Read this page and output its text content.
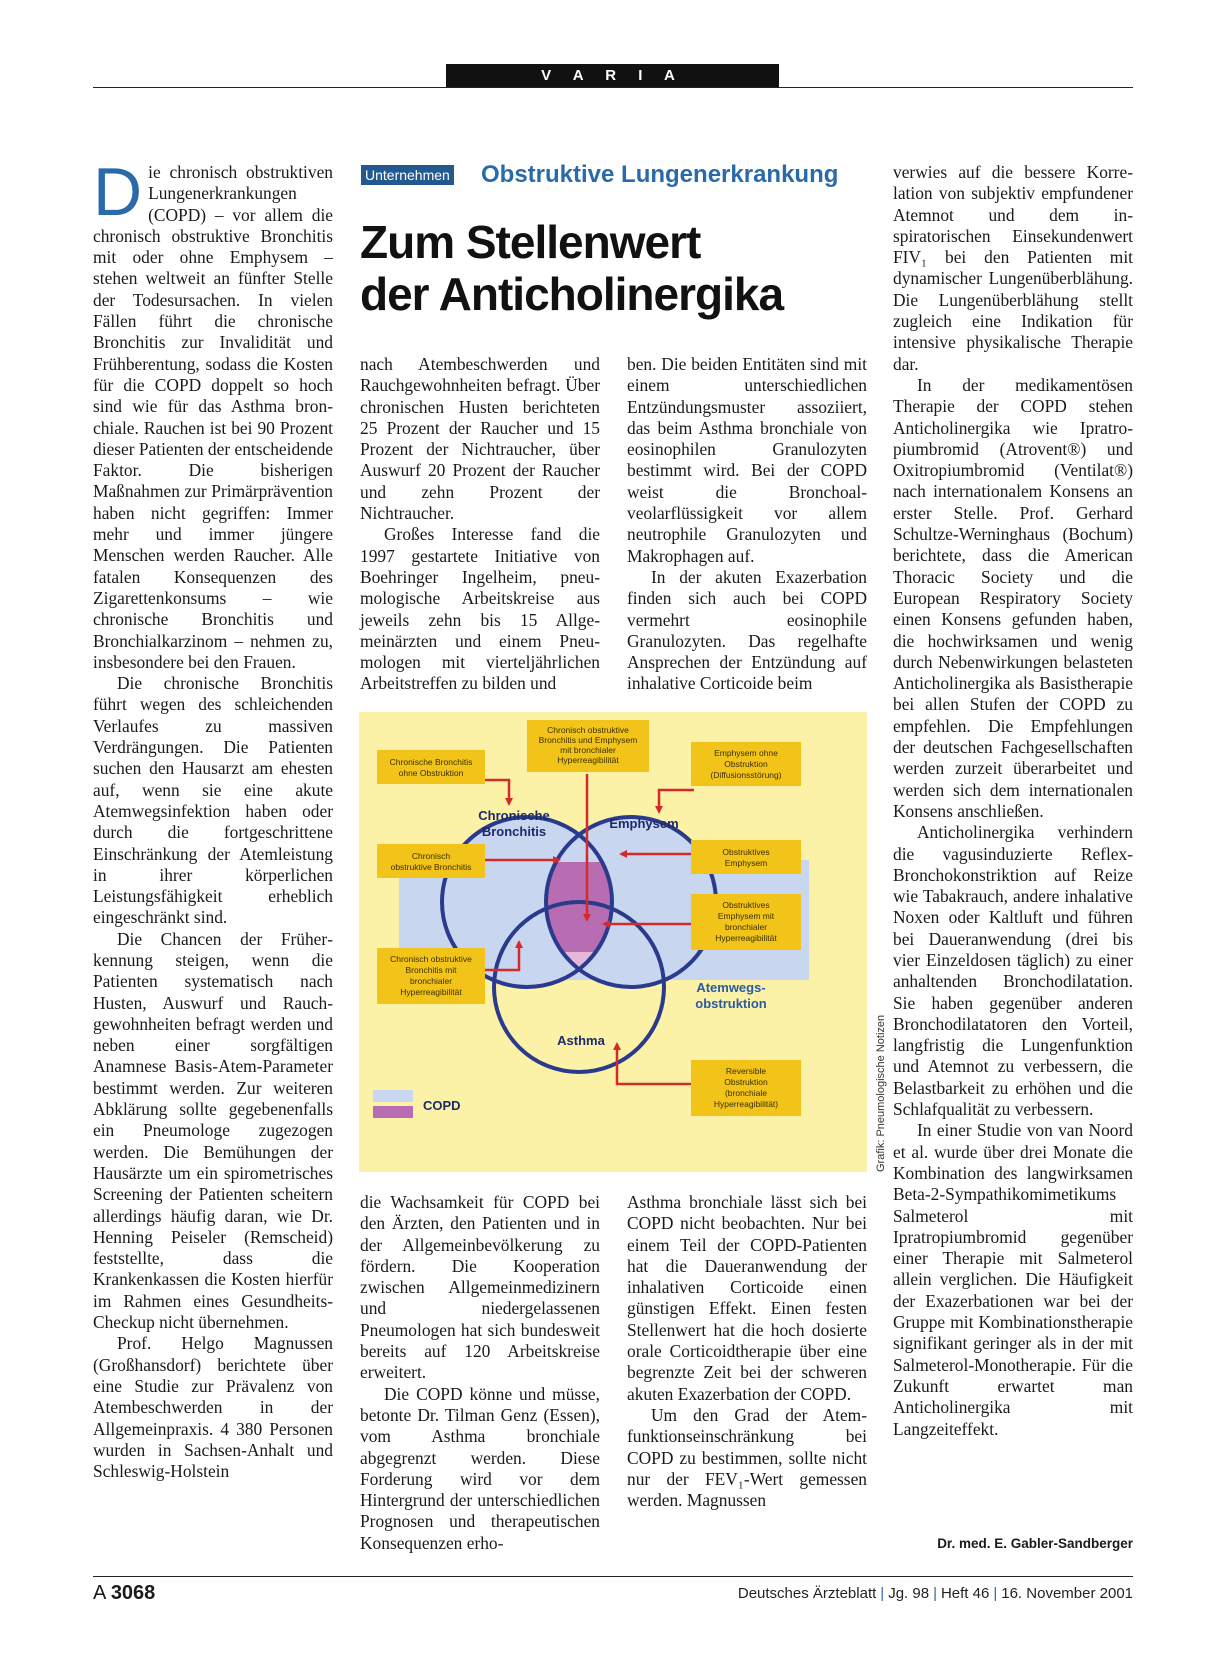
V A R I A

Die chronisch obstruktiven Lungenerkrankungen (COPD) – vor allem die chronisch obstruktive Bronchitis mit oder ohne Emphysem – stehen weltweit an fünfter Stelle der Todesursachen. In vielen Fällen führt die chronische Bronchitis zur Invalidität und Frühberentung, sodass die Kosten für die COPD doppelt so hoch sind wie für das Asthma bronchiale. Rauchen ist bei 90 Prozent dieser Patienten der entscheidende Faktor. Die bisherigen Maßnahmen zur Primärprävention haben nicht gegriffen: Immer mehr und immer jüngere Menschen werden Raucher. Alle fatalen Konsequenzen des Zigarettenkonsums – wie chronische Bronchitis und Bronchialkarzinom – nehmen zu, insbesondere bei den Frauen.

Die chronische Bronchitis führt wegen des schleichenden Verlaufes zu massiven Verdrängungen. Die Patienten suchen den Hausarzt am ehesten auf, wenn sie eine akute Atemwegsinfektion haben oder durch die fortgeschrittene Einschränkung der Atemleistung in ihrer körperlichen Leistungsfähigkeit erheblich eingeschränkt sind.

Die Chancen der Früherkennung steigen, wenn die Patienten systematisch nach Husten, Auswurf und Rauchgewohnheiten befragt werden und neben einer sorgfältigen Anamnese Basis-Atem-Parameter bestimmt werden. Zur weiteren Abklärung sollte gegebenenfalls ein Pneumologe zugezogen werden. Die Bemühungen der Hausärzte um ein spirometrisches Screening der Patienten scheitern allerdings häufig daran, wie Dr. Henning Peiseler (Remscheid) feststellte, dass die Krankenkassen die Kosten hierfür im Rahmen eines Gesundheits-Checkup nicht übernehmen.

Prof. Helgo Magnussen (Großhansdorf) berichtete über eine Studie zur Prävalenz von Atembeschwerden in der Allgemeinpraxis. 4 380 Personen wurden in Sachsen-Anhalt und Schleswig-Holstein

Unternehmen Obstruktive Lungenerkrankung
Zum Stellenwert
der Anticholinergika

nach Atembeschwerden und Rauchgewohnheiten befragt. Über chronischen Husten berichteten 25 Prozent der Raucher und 15 Prozent der Nichtraucher, über Auswurf 20 Prozent der Raucher und zehn Prozent der Nichtraucher.

Großes Interesse fand die 1997 gestartete Initiative von Boehringer Ingelheim, pneumologische Arbeitskreise aus jeweils zehn bis 15 Allgemeinärzten und einem Pneumologen mit vierteljährlichen Arbeitstreffen zu bilden und

ben. Die beiden Entitäten sind mit einem unterschiedlichen Entzündungsmuster assoziiert, das beim Asthma bronchiale von eosinophilen Granulozyten bestimmt wird. Bei der COPD weist die Bronchoalveolarflüssigkeit vor allem neutrophile Granulozyten und Makrophagen auf.

In der akuten Exazerbation finden sich auch bei COPD vermehrt eosinophile Granulozyten. Das regelhafte Ansprechen der Entzündung auf inhalative Corticoide beim

Chronische
Bronchitis
Emphysem
Asthma
Atemwegs-
obstruktion
Chronisch obstruktive
Bronchitis und Emphysem
mit bronchialer
Hyperreagibilität
Chronische Bronchitis
ohne Obstruktion
Chronisch
obstruktive Bronchitis
Chronisch obstruktive
Bronchitis mit
bronchialer
Hyperreagibilität
Emphysem ohne
Obstruktion
(Diffusionsstörung)
Obstruktives
Emphysem
Obstruktives
Emphysem mit
bronchialer
Hyperreagibilität
Reversible
Obstruktion
(bronchiale
Hyperreagibilität)
COPD	Grafik: Pneumologische Notizen

die Wachsamkeit für COPD bei den Ärzten, den Patienten und in der Allgemeinbevölkerung zu fördern. Die Kooperation zwischen Allgemeinmedizinern und niedergelassenen Pneumologen hat sich bundesweit bereits auf 120 Arbeitskreise erweitert.

Die COPD könne und müsse, betonte Dr. Tilman Genz (Essen), vom Asthma bronchiale abgegrenzt werden. Diese Forderung wird vor dem Hintergrund der unterschiedlichen Prognosen und therapeutischen Konsequenzen erho-

Asthma bronchiale lässt sich bei COPD nicht beobachten. Nur bei einem Teil der COPD-Patienten hat die Daueranwendung der inhalativen Corticoide einen günstigen Effekt. Einen festen Stellenwert hat die hoch dosierte orale Corticoidtherapie über eine begrenzte Zeit bei der schweren akuten Exazerbation der COPD.

Um den Grad der Atemfunktionseinschränkung bei COPD zu bestimmen, sollte nicht nur der FEV₁-Wert gemessen werden. Magnussen

verwies auf die bessere Korrelation von subjektiv empfundener Atemnot und dem inspiratorischen Einsekundenwert FIV₁ bei den Patienten mit dynamischer Lungenüberblähung. Die Lungenüberblähung stellt zugleich eine Indikation für intensive physikalische Therapie dar.

In der medikamentösen Therapie der COPD stehen Anticholinergika wie Ipratropiumbromid (Atrovent®) und Oxitropiumbromid (Ventilat®) nach internationalem Konsens an erster Stelle. Prof. Gerhard Schultze-Werninghaus (Bochum) berichtete, dass die American Thoracic Society und die European Respiratory Society einen Konsens gefunden haben, die hochwirksamen und wenig durch Nebenwirkungen belasteten Anticholinergika als Basistherapie bei allen Stufen der COPD zu empfehlen. Die Empfehlungen der deutschen Fachgesellschaften werden zurzeit überarbeitet und werden sich dem internationalen Konsens anschließen.

Anticholinergika verhindern die vagusinduzierte Reflex-Bronchokonstriktion auf Reize wie Tabakrauch, andere inhalative Noxen oder Kaltluft und führen bei Daueranwendung (drei bis vier Einzeldosen täglich) zu einer anhaltenden Bronchodilatation. Sie haben gegenüber anderen Bronchodilatatoren den Vorteil, langfristig die Lungenfunktion und Atemnot zu verbessern, die Belastbarkeit zu erhöhen und die Schlafqualität zu verbessern.

In einer Studie von van Noord et al. wurde über drei Monate die Kombination des langwirksamen Beta-2-Sympathikomimetikums Salmeterol mit Ipratropiumbromid gegenüber einer Therapie mit Salmeterol allein verglichen. Die Häufigkeit der Exazerbationen war bei der Gruppe mit Kombinationstherapie signifikant geringer als in der mit Salmeterol-Monotherapie. Für die Zukunft erwartet man Anticholinergika mit Langzeiteffekt.

Dr. med. E. Gabler-Sandberger
A 3068	Deutsches Ärzteblatt | Jg. 98 | Heft 46 | 16. November 2001
